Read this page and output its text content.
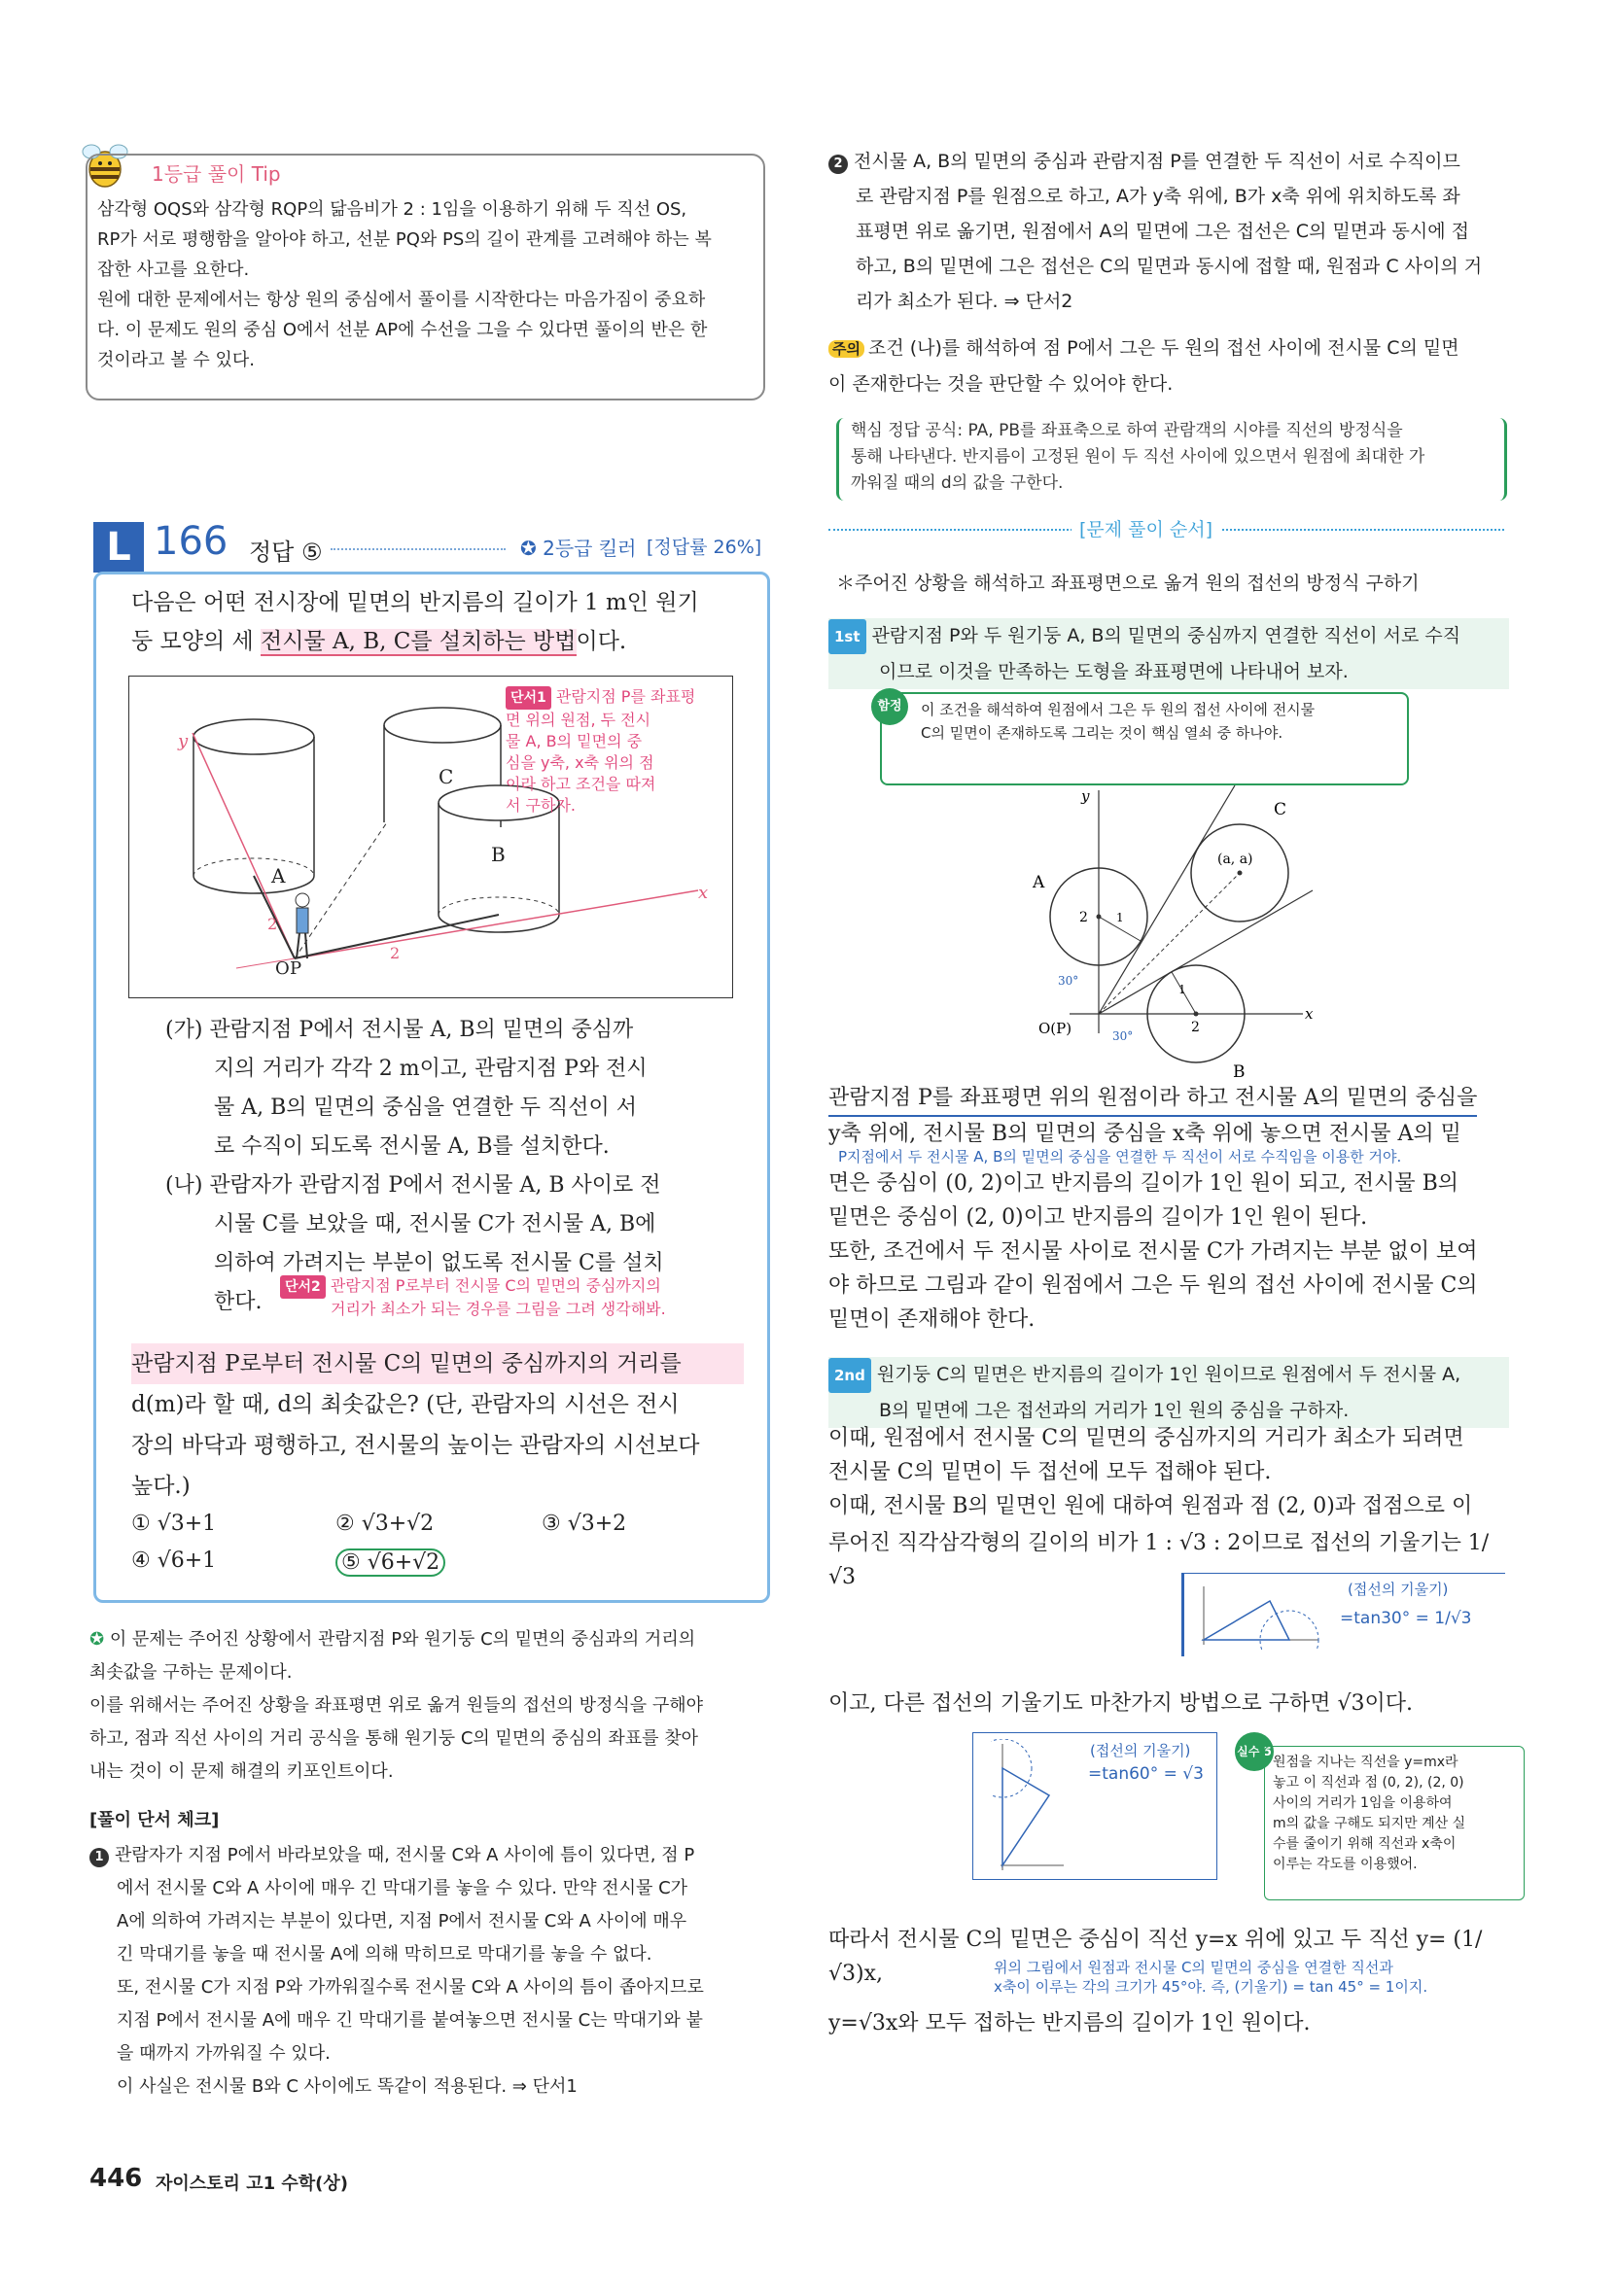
1등급 풀이 Tip
삼각형 OQS와 삼각형 RQP의 닮음비가 2 : 1임을 이용하기 위해 두 직선 OS,
RP가 서로 평행함을 알아야 하고, 선분 PQ와 PS의 길이 관계를 고려해야 하는 복
잡한 사고를 요한다.
원에 대한 문제에서는 항상 원의 중심에서 풀이를 시작한다는 마음가짐이 중요하
다. 이 문제도 원의 중심 O에서 선분 AP에 수선을 그을 수 있다면 풀이의 반은 한
것이라고 볼 수 있다.
L 166 정답 ⑤	✪ 2등급 킬러 [정답률 26%]
다음은 어떤 전시장에 밑면의 반지름의 길이가 1 m인 원기
둥 모양의 세 전시물 A, B, C를 설치하는 방법이다.
A
C
B
y
x
O P
2
2
단서1 관람지점 P를 좌표평
면 위의 원점, 두 전시
물 A, B의 밑면의 중
심을 y축, x축 위의 점
이라 하고 조건을 따져
서 구하자.
(가) 관람지점 P에서 전시물 A, B의 밑면의 중심까
지의 거리가 각각 2 m이고, 관람지점 P와 전시
물 A, B의 밑면의 중심을 연결한 두 직선이 서
로 수직이 되도록 전시물 A, B를 설치한다.
(나) 관람자가 관람지점 P에서 전시물 A, B 사이로 전
시물 C를 보았을 때, 전시물 C가 전시물 A, B에
의하여 가려지는 부분이 없도록 전시물 C를 설치
한다.
단서2 관람지점 P로부터 전시물 C의 밑면의 중심까지의
거리가 최소가 되는 경우를 그림을 그려 생각해봐.
관람지점 P로부터 전시물 C의 밑면의 중심까지의 거리를
d(m)라 할 때, d의 최솟값은? (단, 관람자의 시선은 전시
장의 바닥과 평행하고, 전시물의 높이는 관람자의 시선보다
높다.)
① √3+1	② √3+√2	③ √3+2
④ √6+1	⑤ √6+√2
✪ 이 문제는 주어진 상황에서 관람지점 P와 원기둥 C의 밑면의 중심과의 거리의
최솟값을 구하는 문제이다.
이를 위해서는 주어진 상황을 좌표평면 위로 옮겨 원들의 접선의 방정식을 구해야
하고, 점과 직선 사이의 거리 공식을 통해 원기둥 C의 밑면의 중심의 좌표를 찾아
내는 것이 이 문제 해결의 키포인트이다.
[풀이 단서 체크]
1 관람자가 지점 P에서 바라보았을 때, 전시물 C와 A 사이에 틈이 있다면, 점 P
에서 전시물 C와 A 사이에 매우 긴 막대기를 놓을 수 있다. 만약 전시물 C가
A에 의하여 가려지는 부분이 있다면, 지점 P에서 전시물 C와 A 사이에 매우
긴 막대기를 놓을 때 전시물 A에 의해 막히므로 막대기를 놓을 수 없다.
또, 전시물 C가 지점 P와 가까워질수록 전시물 C와 A 사이의 틈이 좁아지므로
지점 P에서 전시물 A에 매우 긴 막대기를 붙여놓으면 전시물 C는 막대기와 붙
을 때까지 가까워질 수 있다.
이 사실은 전시물 B와 C 사이에도 똑같이 적용된다. ⇒ 단서1
446 자이스토리 고1 수학(상)
2 전시물 A, B의 밑면의 중심과 관람지점 P를 연결한 두 직선이 서로 수직이므
로 관람지점 P를 원점으로 하고, A가 y축 위에, B가 x축 위에 위치하도록 좌
표평면 위로 옮기면, 원점에서 A의 밑면에 그은 접선은 C의 밑면과 동시에 접
하고, B의 밑면에 그은 접선은 C의 밑면과 동시에 접할 때, 원점과 C 사이의 거
리가 최소가 된다. ⇒ 단서2
주의 조건 (나)를 해석하여 점 P에서 그은 두 원의 접선 사이에 전시물 C의 밑면
이 존재한다는 것을 판단할 수 있어야 한다.
핵심 정답 공식: PA, PB를 좌표축으로 하여 관람객의 시야를 직선의 방정식을
통해 나타낸다. 반지름이 고정된 원이 두 직선 사이에 있으면서 원점에 최대한 가
까워질 때의 d의 값을 구한다.
[문제 풀이 순서]
＊주어진 상황을 해석하고 좌표평면으로 옮겨 원의 접선의 방정식 구하기
1st 관람지점 P와 두 원기둥 A, B의 밑면의 중심까지 연결한 직선이 서로 수직
이므로 이것을 만족하는 도형을 좌표평면에 나타내어 보자.
이 조건을 해석하여 원점에서 그은 두 원의 접선 사이에 전시물
C의 밑면이 존재하도록 그리는 것이 핵심 열쇠 중 하나야.
함정
y
x
A
C
B
O(P)
(a, a)
2
2
1
1
30°
30°
관람지점 P를 좌표평면 위의 원점이라 하고 전시물 A의 밑면의 중심을
y축 위에, 전시물 B의 밑면의 중심을 x축 위에 놓으면 전시물 A의 밑
P지점에서 두 전시물 A, B의 밑면의 중심을 연결한 두 직선이 서로 수직임을 이용한 거야.
면은 중심이 (0, 2)이고 반지름의 길이가 1인 원이 되고, 전시물 B의
밑면은 중심이 (2, 0)이고 반지름의 길이가 1인 원이 된다.
또한, 조건에서 두 전시물 사이로 전시물 C가 가려지는 부분 없이 보여
야 하므로 그림과 같이 원점에서 그은 두 원의 접선 사이에 전시물 C의
밑면이 존재해야 한다.
2nd 원기둥 C의 밑면은 반지름의 길이가 1인 원이므로 원점에서 두 전시물 A,
B의 밑면에 그은 접선과의 거리가 1인 원의 중심을 구하자.
이때, 원점에서 전시물 C의 밑면의 중심까지의 거리가 최소가 되려면
전시물 C의 밑면이 두 접선에 모두 접해야 된다.
이때, 전시물 B의 밑면인 원에 대하여 원점과 점 (2, 0)과 접점으로 이
루어진 직각삼각형의 길이의 비가 1 : √3 : 2이므로 접선의 기울기는 1/√3	(접선의 기울기)
=tan30° = 1/√3
이고, 다른 접선의 기울기도 마찬가지 방법으로 구하면 √3이다.
(접선의 기울기)
=tan60° = √3
실수 5
원점을 지나는 직선을 y=mx라
놓고 이 직선과 점 (0, 2), (2, 0)
사이의 거리가 1임을 이용하여
m의 값을 구해도 되지만 계산 실
수를 줄이기 위해 직선과 x축이
이루는 각도를 이용했어.
따라서 전시물 C의 밑면은 중심이 직선 y=x 위에 있고 두 직선 y= (1/√3)x,	위의 그림에서 원점과 전시물 C의 밑면의 중심을 연결한 직선과
x축이 이루는 각의 크기가 45°야. 즉, (기울기) = tan 45° = 1이지.
y=√3x와 모두 접하는 반지름의 길이가 1인 원이다.
